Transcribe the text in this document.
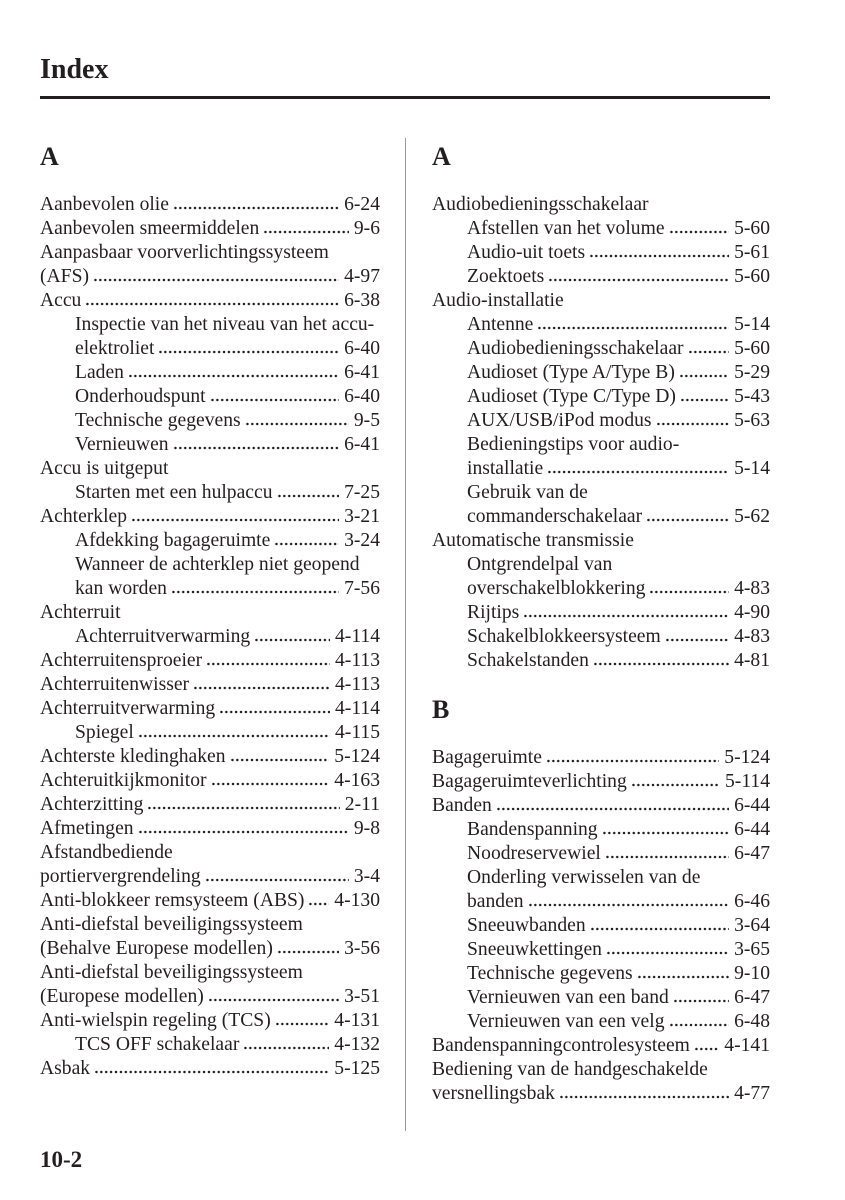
Index
A
Aanbevolen olie	6-24
Aanbevolen smeermiddelen	9-6
Aanpasbaar voorverlichtingssysteem
(AFS)	4-97
Accu	6-38
Inspectie van het niveau van het accu-
elektroliet	6-40
Laden	6-41
Onderhoudspunt	6-40
Technische gegevens	9-5
Vernieuwen	6-41
Accu is uitgeput
Starten met een hulpaccu	7-25
Achterklep	3-21
Afdekking bagageruimte	3-24
Wanneer de achterklep niet geopend
kan worden	7-56
Achterruit
Achterruitverwarming	4-114
Achterruitensproeier	4-113
Achterruitenwisser	4-113
Achterruitverwarming	4-114
Spiegel	4-115
Achterste kledinghaken	5-124
Achteruitkijkmonitor	4-163
Achterzitting	2-11
Afmetingen	9-8
Afstandbediende
portiervergrendeling	3-4
Anti-blokkeer remsysteem (ABS) 4-130
Anti-diefstal beveiligingssysteem
(Behalve Europese modellen)	3-56
Anti-diefstal beveiligingssysteem
(Europese modellen)	3-51
Anti-wielspin regeling (TCS)	4-131
TCS OFF schakelaar	4-132
Asbak	5-125
A
Audiobedieningsschakelaar
Afstellen van het volume	5-60
Audio-uit toets	5-61
Zoektoets	5-60
Audio-installatie
Antenne	5-14
Audiobedieningsschakelaar	5-60
Audioset (Type A/Type B)	5-29
Audioset (Type C/Type D)	5-43
AUX/USB/iPod modus	5-63
Bedieningstips voor audio-
installatie	5-14
Gebruik van de
commanderschakelaar	5-62
Automatische transmissie
Ontgrendelpal van
overschakelblokkering	4-83
Rijtips	4-90
Schakelblokkeersysteem	4-83
Schakelstanden	4-81
B
Bagageruimte	5-124
Bagageruimteverlichting	5-114
Banden	6-44
Bandenspanning	6-44
Noodreservewiel	6-47
Onderling verwisselen van de
banden	6-46
Sneeuwbanden	3-64
Sneeuwkettingen	3-65
Technische gegevens	9-10
Vernieuwen van een band	6-47
Vernieuwen van een velg	6-48
Bandenspanningcontrolesysteem 4-141
Bediening van de handgeschakelde
versnellingsbak	4-77
10-2
